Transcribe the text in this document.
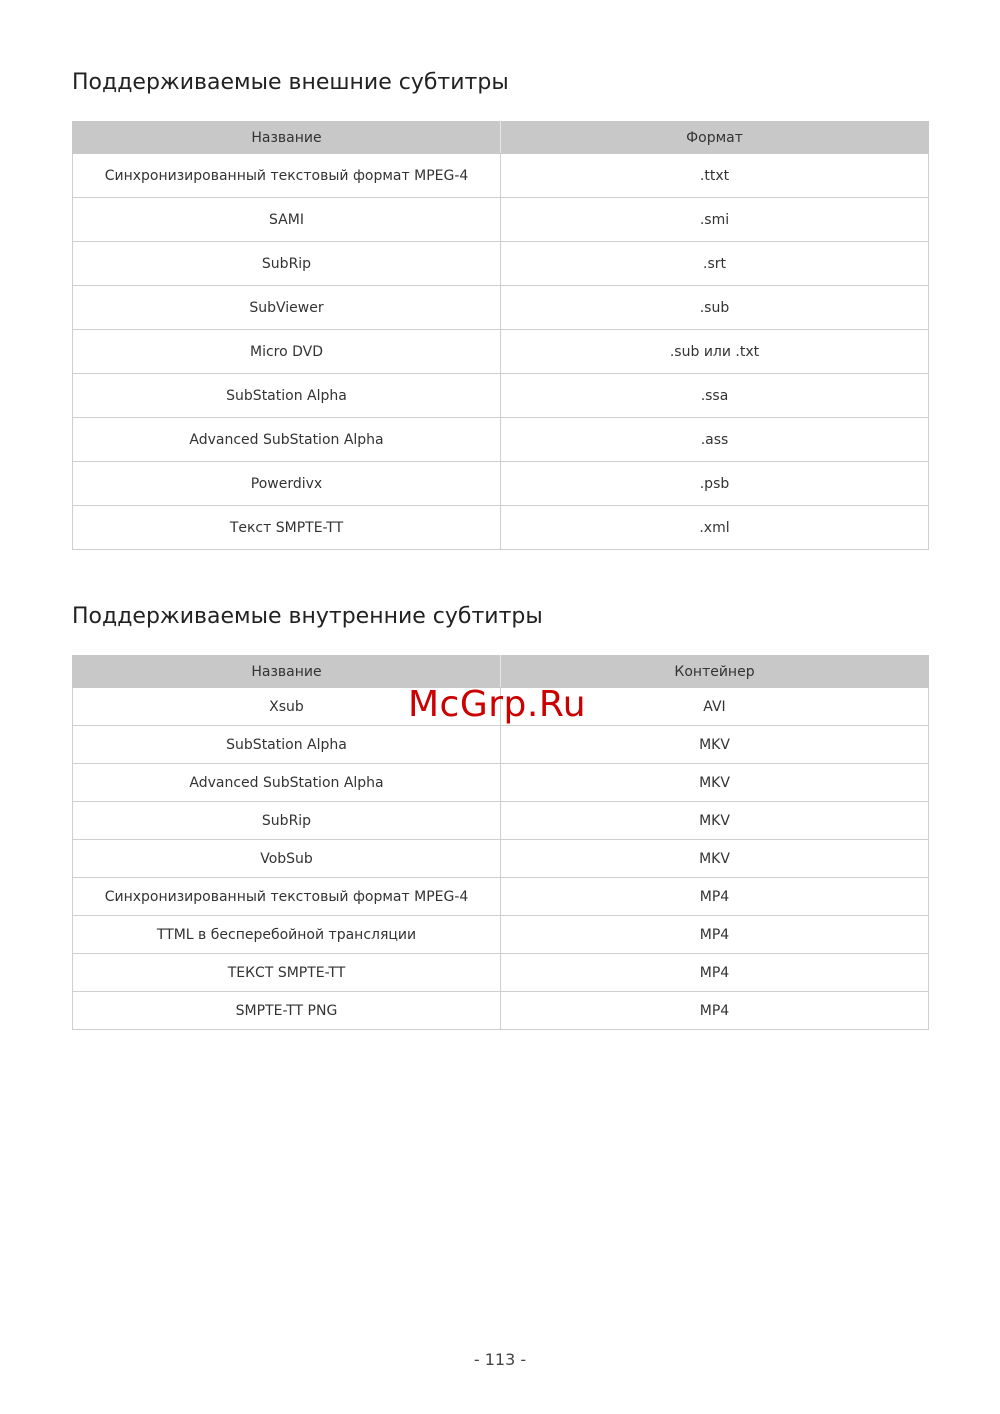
Поддерживаемые внешние субтитры
Название	Формат
Синхронизированный текстовый формат MPEG-4	.ttxt
SAMI	.smi
SubRip	.srt
SubViewer	.sub
Micro DVD	.sub или .txt
SubStation Alpha	.ssa
Advanced SubStation Alpha	.ass
Powerdivx	.psb
Текст SMPTE-TT	.xml
Поддерживаемые внутренние субтитры
Название	Контейнер
Xsub	AVI
SubStation Alpha	MKV
Advanced SubStation Alpha	MKV
SubRip	MKV
VobSub	MKV
Синхронизированный текстовый формат MPEG-4	MP4
TTML в бесперебойной трансляции	MP4
ТЕКСТ SMPTE-TT	MP4
SMPTE-TT PNG	MP4
McGrp.Ru
- 113 -
